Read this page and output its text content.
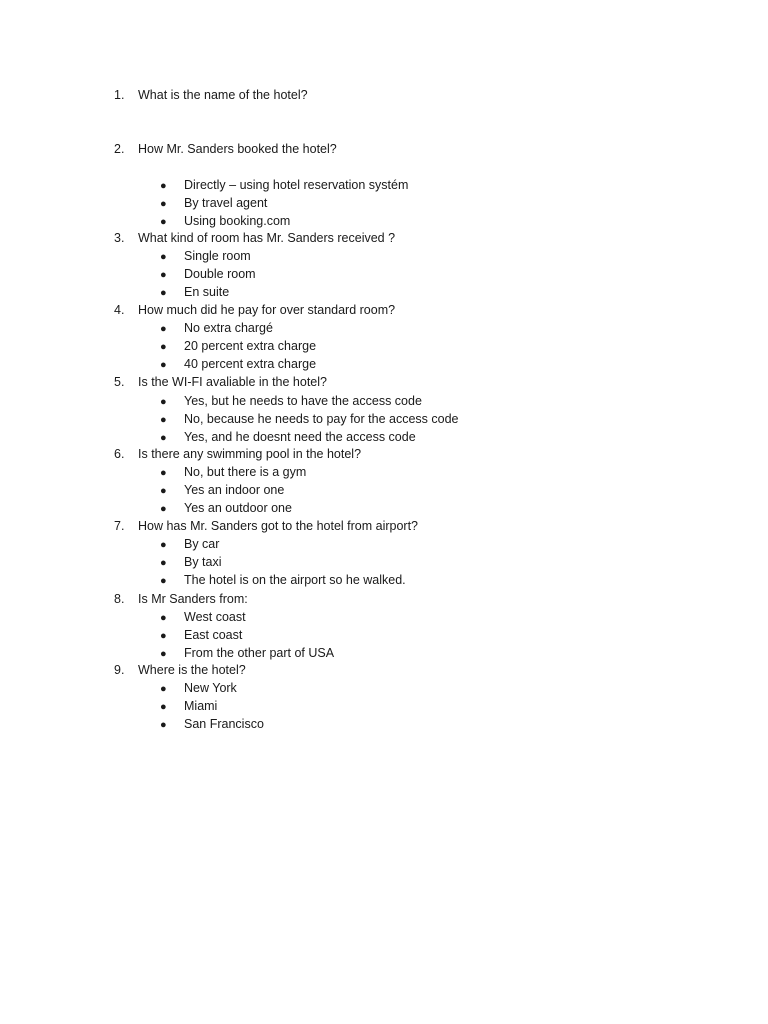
1. What is the name of the hotel?
2. How Mr. Sanders booked the hotel?
● Directly – using hotel reservation systém
● By travel agent
● Using booking.com
3. What kind of room has Mr. Sanders received ?
● Single room
● Double room
● En suite
4. How much did he pay for over standard room?
● No extra chargé
● 20 percent extra charge
● 40 percent extra charge
5. Is the WI-FI avaliable in the hotel?
● Yes, but he needs to have the access code
● No, because he needs to pay for the access code
● Yes, and he doesnt need the access code
6. Is there any swimming pool in the hotel?
● No, but there is a gym
● Yes an indoor one
● Yes an outdoor one
7. How has Mr. Sanders got to the hotel from airport?
● By car
● By taxi
● The hotel is on the airport so he walked.
8. Is Mr Sanders from:
● West coast
● East coast
● From the other part of USA
9. Where is the hotel?
● New York
● Miami
● San Francisco
